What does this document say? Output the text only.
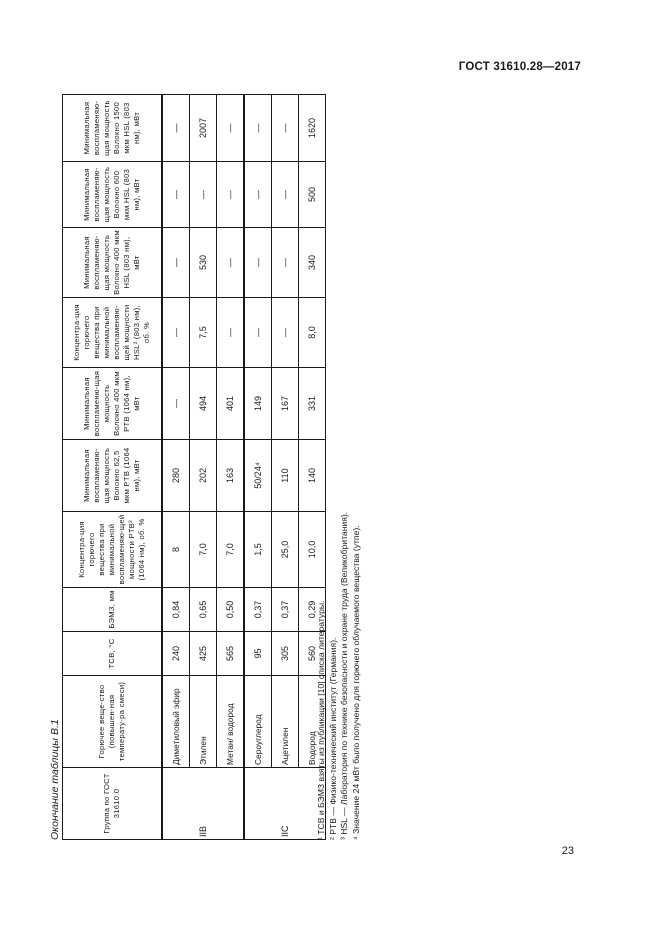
ГОСТ 31610.28—2017
Окончание таблицы В.1	Группа по ГОСТ 31610.0	Горючее веще-ство (повышен-ная температу-ра смеси)	ТСВ, °С	БЭМЗ, мм	Концентра-ция горючего вещества при минимальной воспламеняю-щей мощности PTB² (1064 нм), об. %	Минимальная воспламеняю-щая мощность Волокно 62,5 мкм PTB (1064 нм), мВт	Минимальная воспламеню-щая мощность Волокно 400 мкм PTB (1064 нм), мВт	Концентра-ция горючего вещества при минимальной воспламеняю-щей мощности HSL³ (803 нм), об. %	Минимальная воспламеняю-щая мощность Волокно 400 мкм HSL (803 нм), мВт	Минимальная воспламеняю-щая мощность Волокно 600 мкм HSL (803 нм), мВт	Минимальная воспламеняю-щая мощность Волокно 1500 мкм HSL (803 нм), мВт
IIB	Диметиловый эфир	240	0,84	8	280	—	—	—	—	—
	Этилен	425	0,65	7,0	202	494	7,5	530	—	2007
	Метан/ водород	565	0,50	7,0	163	401	—	—	—	—
IIC	Сероуглерод	95	0,37	1,5	50/24⁴	149	—	—	—	—
	Ацетилен	305	0,37	25,0	110	167	—	—	—	—
	Водород	560	0,29	10,0	140	331	8,0	340	500	1620
¹ ТСВ и БЭМЗ взяты из публикации [10] списка литературы. ² PTB — Физико-технический институт (Германия). ³ HSL — Лаборатория по технике безопасности и охране труда (Великобритания). ⁴ Значение 24 мВт было получено для горючего облучаемого вещества (утпе).
23
